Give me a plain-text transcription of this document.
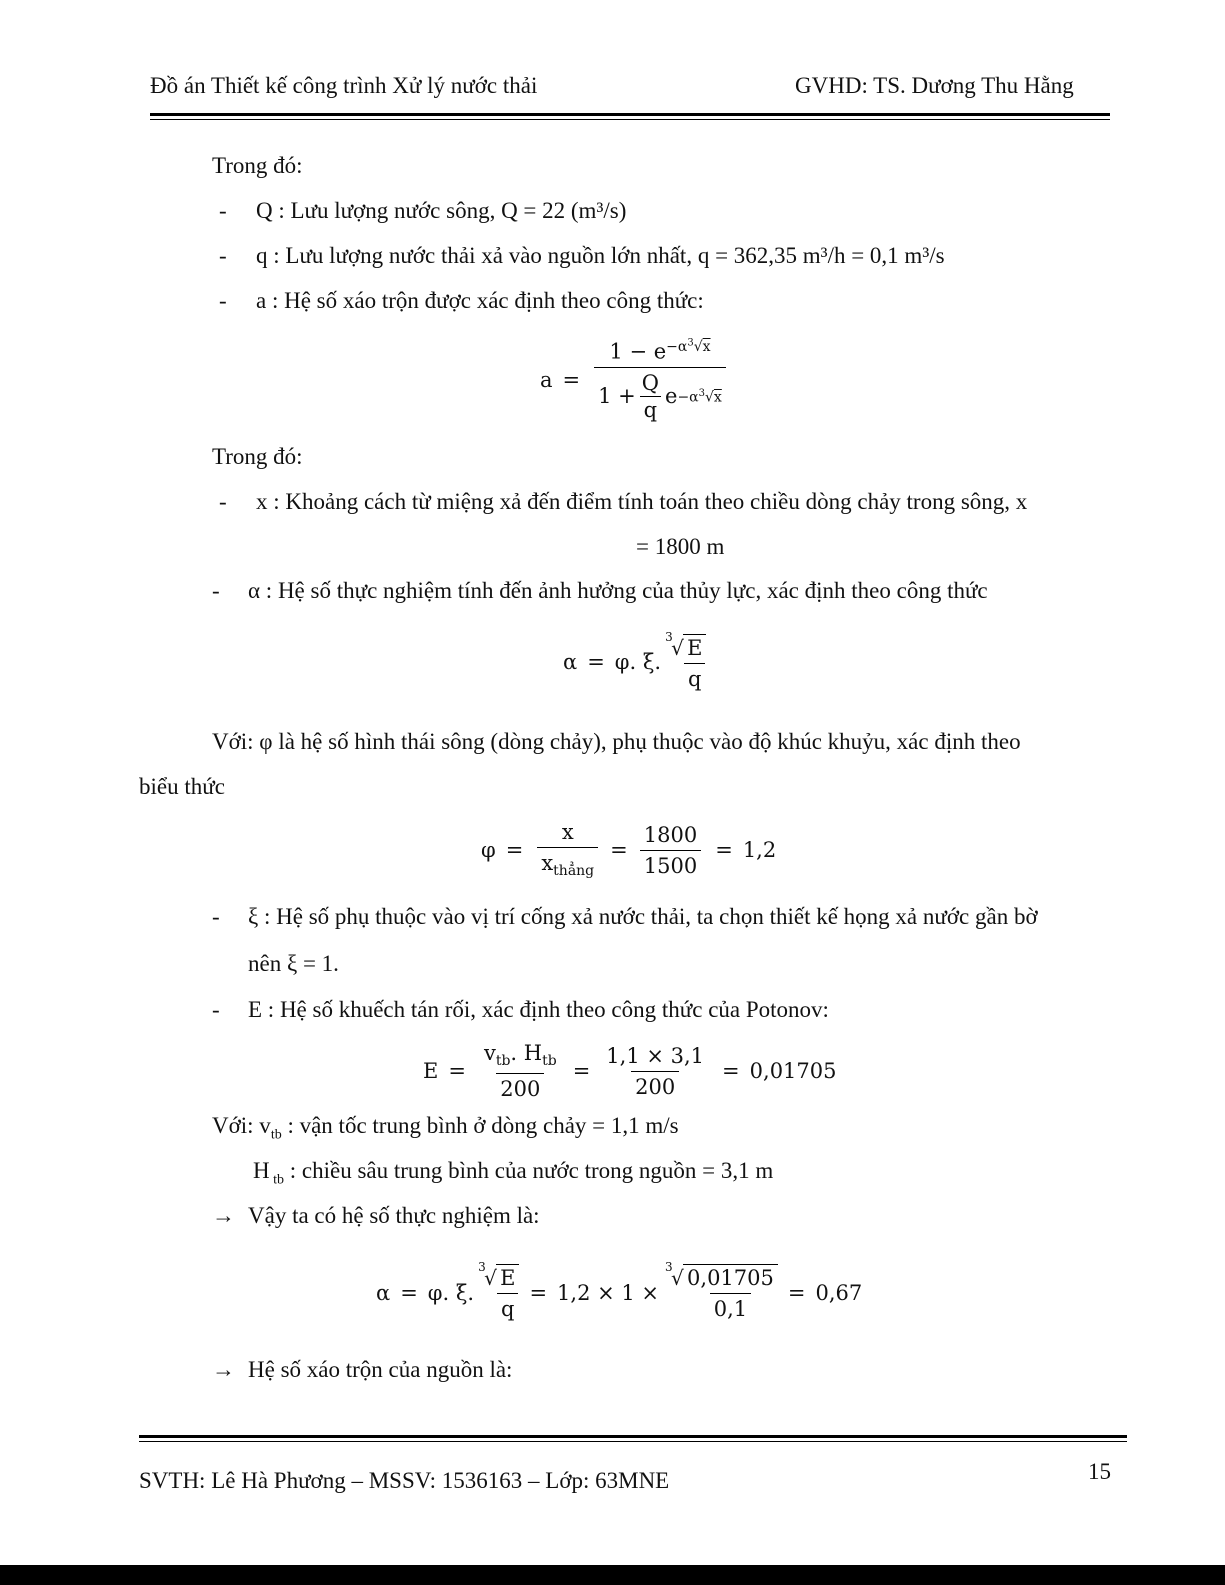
Đồ án Thiết kế công trình Xử lý nước thải	GVHD: TS. Dương Thu Hằng
Trong đó:
- Q : Lưu lượng nước sông, Q = 22 (m³/s)
- q : Lưu lượng nước thải xả vào nguồn lớn nhất, q = 362,35 m³/h = 0,1 m³/s
- a : Hệ số xáo trộn được xác định theo công thức:
$a = \frac{1 - e^{-\alpha^3√x}}{1 + \frac{Q}{q} e -\alpha^3√x}$
Trong đó:
- x : Khoảng cách từ miệng xả đến điểm tính toán theo chiều dòng chảy trong sông, x
= 1800 m
- α : Hệ số thực nghiệm tính đến ảnh hưởng của thủy lực, xác định theo công thức
α = φ. ξ.
3
√ $\frac{E}{q}$
Với: φ là hệ số hình thái sông (dòng chảy), phụ thuộc vào độ khúc khuỷu, xác định theo
biểu thức
$\varphi = \frac{x}{x_{thẳng}} = \frac{1800}{1500} = 1,2$
- ξ : Hệ số phụ thuộc vào vị trí cống xả nước thải, ta chọn thiết kế họng xả nước gần bờ
nên ξ = 1.
- E : Hệ số khuếch tán rối, xác định theo công thức của Potonov:
$E = \frac{v_{tb}. H_{tb}}{200} = \frac{1,1 \times 3,1}{200} = 0,01705$
Với: $v_{tb}$ : vận tốc trung bình ở dòng chảy = 1,1 m/s
H $_{tb}$ : chiều sâu trung bình của nước trong nguồn = 3,1 m
→ Vậy ta có hệ số thực nghiệm là:
α = φ. ξ.
3
√ $\frac{E}{q} = 1,2 \times 1$ ×
3
√ $\frac{0,01705}{0,1} = 0,67$
→ Hệ số xáo trộn của nguồn là:
SVTH: Lê Hà Phương – MSSV: 1536163 – Lớp: 63MNE	15
